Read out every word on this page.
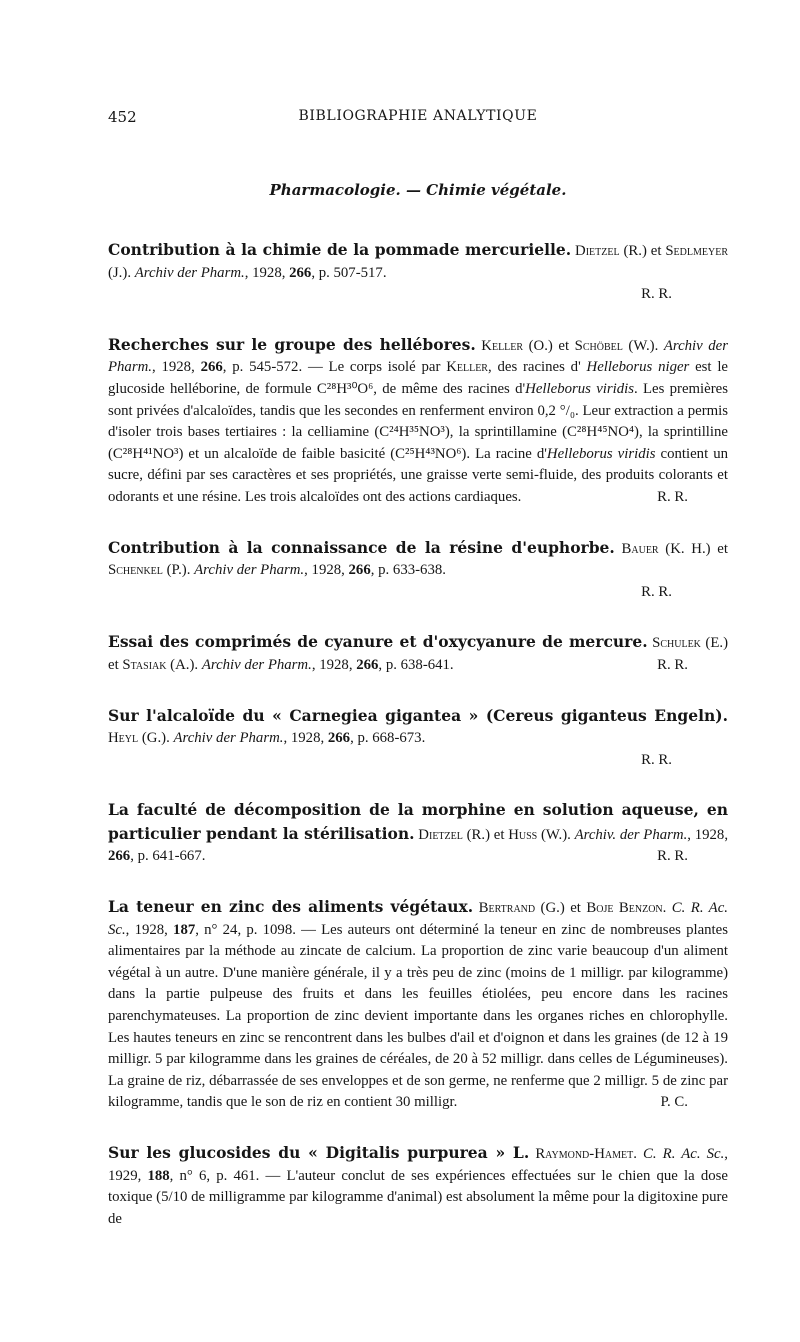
452	BIBLIOGRAPHIE ANALYTIQUE
Pharmacologie. — Chimie végétale.
Contribution à la chimie de la pommade mercurielle. Dietzel (R.) et Sedlmeyer (J.). Archiv der Pharm., 1928, 266, p. 507-517.
R. R.
Recherches sur le groupe des hellébores. Keller (O.) et Schöbel (W.). Archiv der Pharm., 1928, 266, p. 545-572. — Le corps isolé par Keller, des racines d' Helleborus niger est le glucoside helléborine, de formule C²⁸H³⁰O⁶, de même des racines d'Helleborus viridis. Les premières sont privées d'alcaloïdes, tandis que les secondes en renferment environ 0,2 °/₀. Leur extraction a permis d'isoler trois bases tertiaires : la celliamine (C²⁴H³⁵NO³), la sprintillamine (C²⁸H⁴⁵NO⁴), la sprintilline (C²⁸H⁴¹NO³) et un alcaloïde de faible basicité (C²⁵H⁴³NO⁶). La racine d'Helleborus viridis contient un sucre, défini par ses caractères et ses propriétés, une graisse verte semi-fluide, des produits colorants et odorants et une résine. Les trois alcaloïdes ont des actions cardiaques.	R. R.
Contribution à la connaissance de la résine d'euphorbe. Bauer (K. H.) et Schenkel (P.). Archiv der Pharm., 1928, 266, p. 633-638.
R. R.
Essai des comprimés de cyanure et d'oxycyanure de mercure. Schulek (E.) et Stasiak (A.). Archiv der Pharm., 1928, 266, p. 638-641.	R. R.
Sur l'alcaloïde du « Carnegiea gigantea » (Cereus giganteus Engeln). Heyl (G.). Archiv der Pharm., 1928, 266, p. 668-673.
R. R.
La faculté de décomposition de la morphine en solution aqueuse, en particulier pendant la stérilisation. Dietzel (R.) et Huss (W.). Archiv. der Pharm., 1928, 266, p. 641-667.	R. R.
La teneur en zinc des aliments végétaux. Bertrand (G.) et Boje Benzon. C. R. Ac. Sc., 1928, 187, n° 24, p. 1098. — Les auteurs ont déterminé la teneur en zinc de nombreuses plantes alimentaires par la méthode au zincate de calcium. La proportion de zinc varie beaucoup d'un aliment végétal à un autre. D'une manière générale, il y a très peu de zinc (moins de 1 milligr. par kilogramme) dans la partie pulpeuse des fruits et dans les feuilles étiolées, peu encore dans les racines parenchymateuses. La proportion de zinc devient importante dans les organes riches en chlorophylle. Les hautes teneurs en zinc se rencontrent dans les bulbes d'ail et d'oignon et dans les graines (de 12 à 19 milligr. 5 par kilogramme dans les graines de céréales, de 20 à 52 milligr. dans celles de Légumineuses). La graine de riz, débarrassée de ses enveloppes et de son germe, ne renferme que 2 milligr. 5 de zinc par kilogramme, tandis que le son de riz en contient 30 milligr.	P. C.
Sur les glucosides du « Digitalis purpurea » L. Raymond-Hamet. C. R. Ac. Sc., 1929, 188, n° 6, p. 461. — L'auteur conclut de ses expériences effectuées sur le chien que la dose toxique (5/10 de milligramme par kilogramme d'animal) est absolument la même pour la digitoxine pure de
